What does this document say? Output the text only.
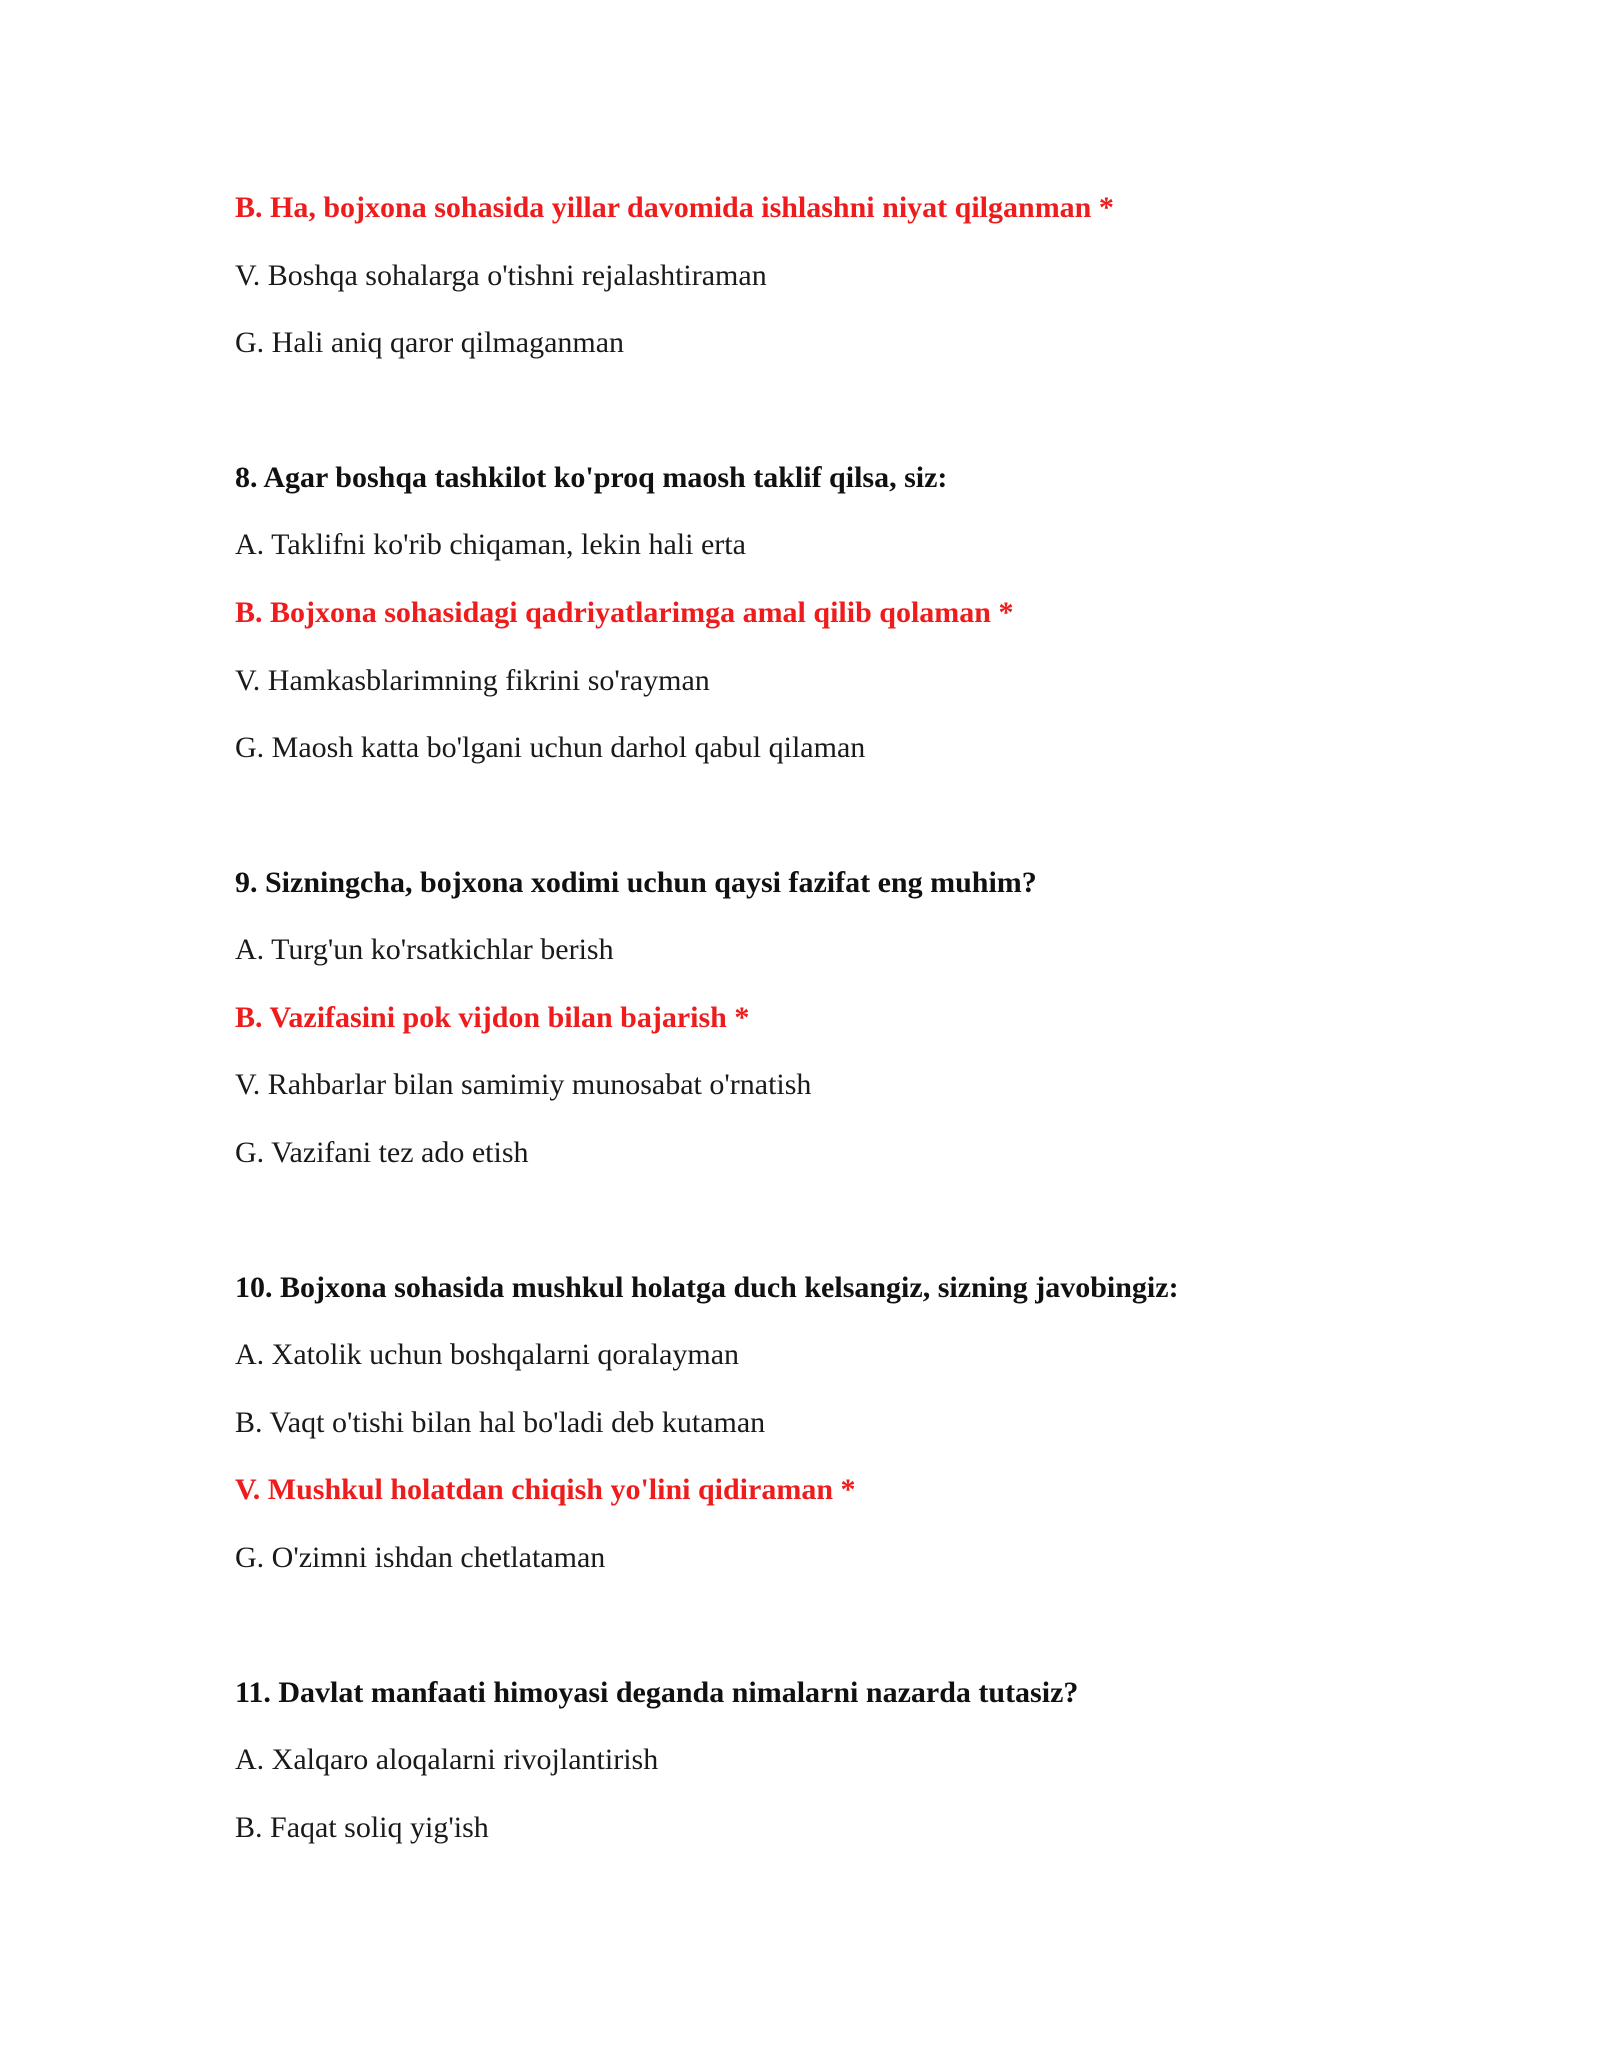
B. Ha, bojxona sohasida yillar davomida ishlashni niyat qilganman *

V. Boshqa sohalarga o'tishni rejalashtiraman

G. Hali aniq qaror qilmaganman

8. Agar boshqa tashkilot ko'proq maosh taklif qilsa, siz:

A. Taklifni ko'rib chiqaman, lekin hali erta

B. Bojxona sohasidagi qadriyatlarimga amal qilib qolaman *

V. Hamkasblarimning fikrini so'rayman

G. Maosh katta bo'lgani uchun darhol qabul qilaman

9. Sizningcha, bojxona xodimi uchun qaysi fazifat eng muhim?

A. Turg'un ko'rsatkichlar berish

B. Vazifasini pok vijdon bilan bajarish *

V. Rahbarlar bilan samimiy munosabat o'rnatish

G. Vazifani tez ado etish

10. Bojxona sohasida mushkul holatga duch kelsangiz, sizning javobingiz:

A. Xatolik uchun boshqalarni qoralayman

B. Vaqt o'tishi bilan hal bo'ladi deb kutaman

V. Mushkul holatdan chiqish yo'lini qidiraman *

G. O'zimni ishdan chetlataman

11. Davlat manfaati himoyasi deganda nimalarni nazarda tutasiz?

A. Xalqaro aloqalarni rivojlantirish

B. Faqat soliq yig'ish
